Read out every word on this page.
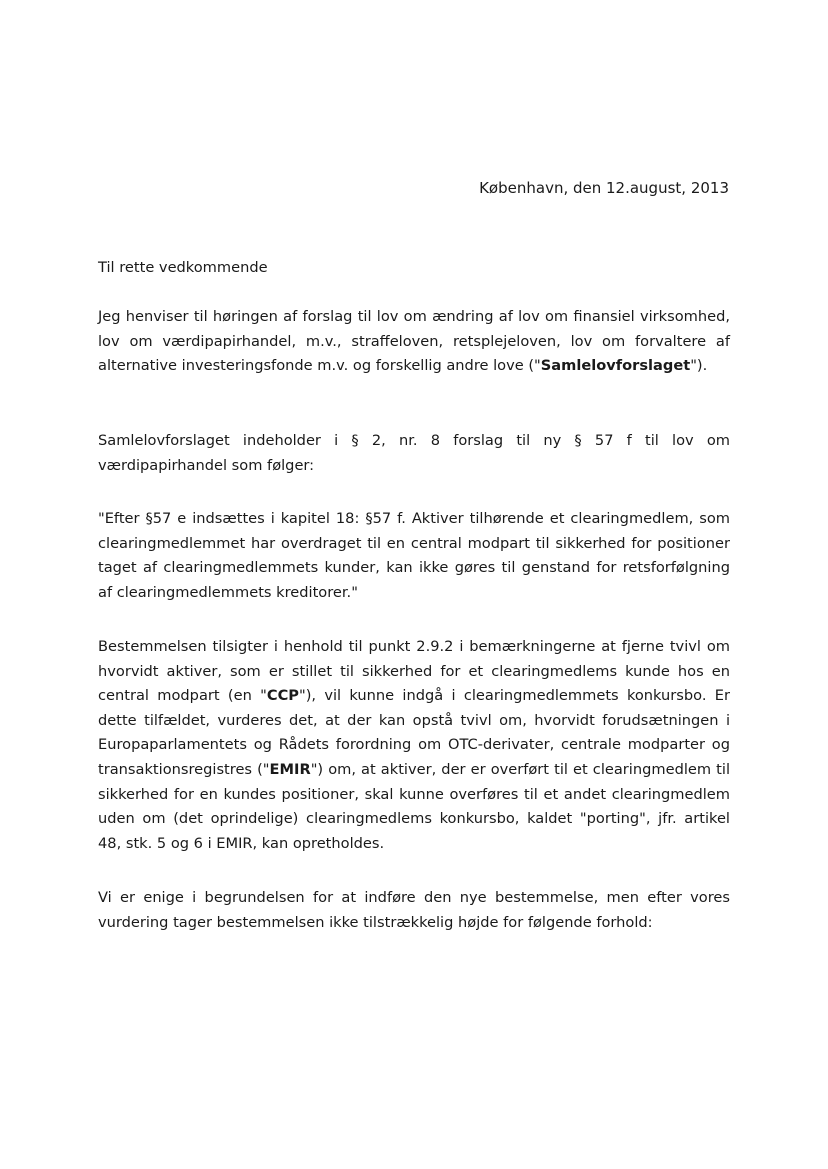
København, den 12.august, 2013

Til rette vedkommende

Jeg henviser til høringen af forslag til lov om ændring af lov om finansiel virksomhed, lov om værdipapirhandel, m.v., straffeloven, retsplejeloven, lov om forvaltere af alternative investeringsfonde m.v. og forskellig andre love ("Samlelovforslaget").

Samlelovforslaget indeholder i § 2, nr. 8 forslag til ny § 57 f til lov om værdipapirhandel som følger:

"Efter §57 e indsættes i kapitel 18: §57 f. Aktiver tilhørende et clearingmedlem, som clearingmedlemmet har overdraget til en central modpart til sikkerhed for positioner taget af clearingmedlemmets kunder, kan ikke gøres til genstand for retsforfølgning af clearingmedlemmets kreditorer."

Bestemmelsen tilsigter i henhold til punkt 2.9.2 i bemærkningerne at fjerne tvivl om hvorvidt aktiver, som er stillet til sikkerhed for et clearingmedlems kunde hos en central modpart (en "CCP"), vil kunne indgå i clearingmedlemmets konkursbo. Er dette tilfældet, vurderes det, at der kan opstå tvivl om, hvorvidt forudsætningen i Europaparlamentets og Rådets forordning om OTC-derivater, centrale modparter og transaktionsregistres ("EMIR") om, at aktiver, der er overført til et clearingmedlem til sikkerhed for en kundes positioner, skal kunne overføres til et andet clearingmedlem uden om (det oprindelige) clearingmedlems konkursbo, kaldet "porting", jfr. artikel 48, stk. 5 og 6 i EMIR, kan opretholdes.

Vi er enige i begrundelsen for at indføre den nye bestemmelse, men efter vores vurdering tager bestemmelsen ikke tilstrækkelig højde for følgende forhold:
